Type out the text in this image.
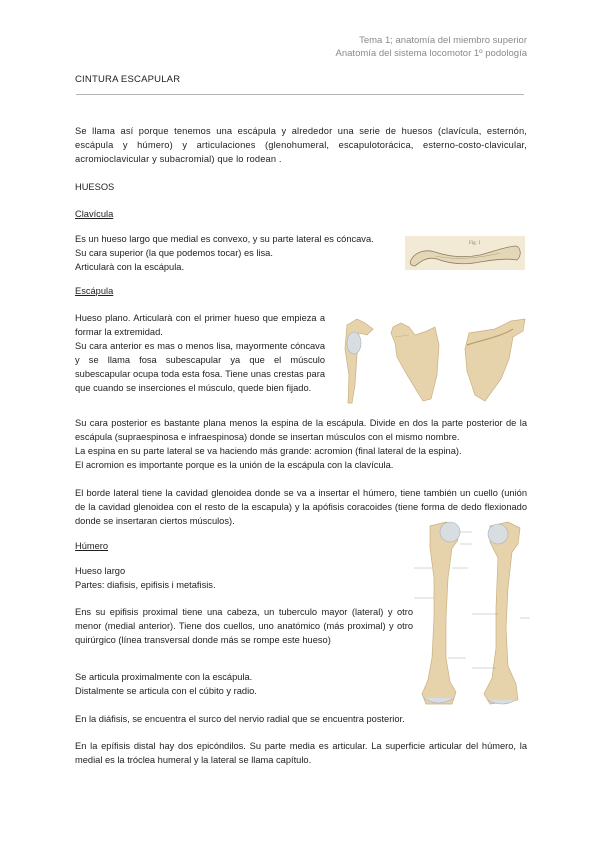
Tema 1; anatomía del miembro superior
Anatomía del sistema locomotor 1º podología
CINTURA ESCAPULAR
Se llama así porque tenemos una escápula y alrededor una serie de huesos (clavícula, esternón, escápula y húmero) y articulaciones (glenohumeral, escapulotorácica, esterno-costo-clavicular, acromioclavicular y subacromial) que lo rodean .
HUESOS
Clavícula
Es un hueso largo que medial es convexo, y su parte lateral es cóncava.
Su cara superior (la que podemos tocar) es lisa.
Articularà con la escápula.
Fig. 1
Escápula
Hueso plano. Articularà con el primer hueso que empieza a formar la extremidad.
Su cara anterior es mas o menos lisa, mayormente cóncava y se llama fosa subescapular ya que el músculo subescapular ocupa toda esta fosa. Tiene unas crestas para que cuando se inserciones el músculo, quede bien fijado.
Su cara posterior es bastante plana menos la espina de la escápula. Divide en dos la parte posterior de la escápula (supraespinosa e infraespinosa) donde se insertan músculos con el mismo nombre.
La espina en su parte lateral se va haciendo más grande: acromion (final lateral de la espina).
El acromion es importante porque es la unión de la escápula con la clavícula.
El borde lateral tiene la cavidad glenoidea donde se va a insertar el húmero, tiene también un cuello (unión de la cavidad glenoidea con el resto de la escapula) y la apófisis coracoides (tiene forma de dedo flexionado donde se insertaran ciertos músculos).
Húmero
Hueso largo
Partes: diafisis, epifisis i metafisis.
Ens su epifisis proximal tiene una cabeza, un tuberculo mayor (lateral) y otro menor (medial anterior). Tiene dos cuellos, uno anatómico (más proximal) y otro quirúrgico (línea transversal donde más se rompe este hueso)
Se articula proximalmente con la escápula.
Distalmente se articula con el cúbito y radio.
En la diáfisis, se encuentra el surco del nervio radial que se encuentra posterior.
En la epífisis distal hay dos epicóndilos. Su parte media es articular. La superficie articular del húmero, la medial es la tróclea humeral y la lateral se llama capítulo.
